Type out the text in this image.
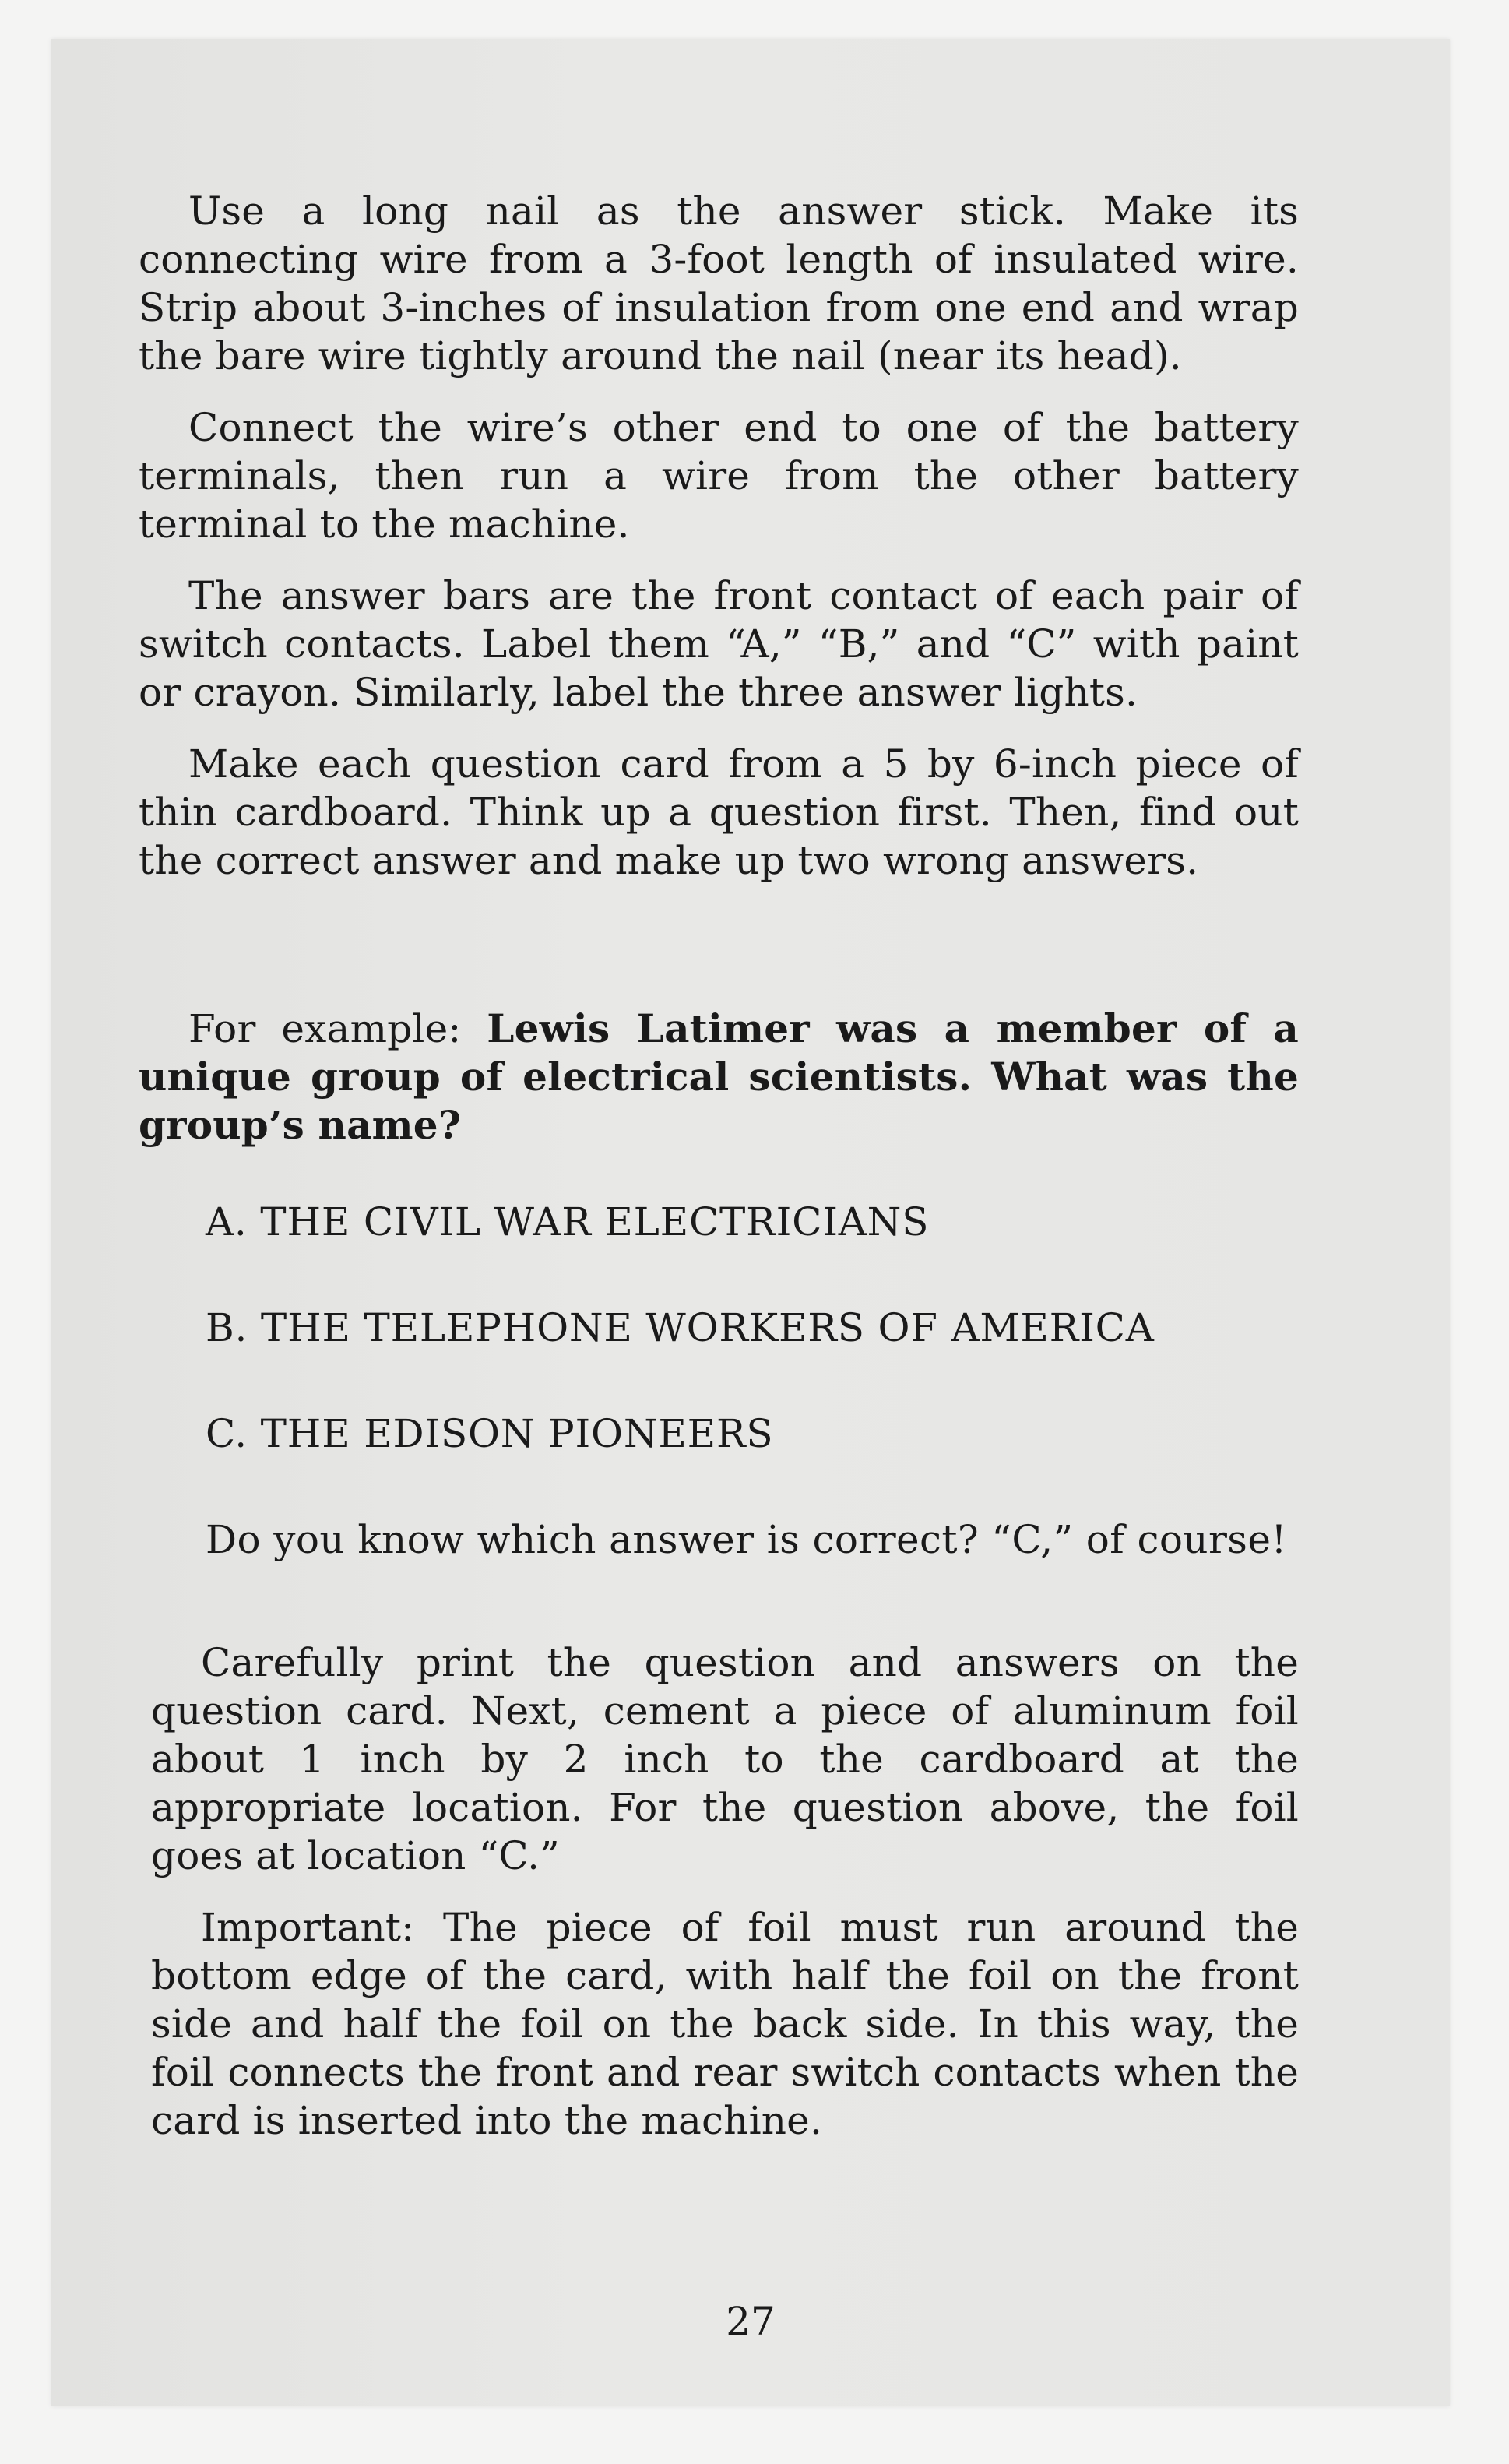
Use a long nail as the answer stick. Make its connecting wire from a 3-foot length of insulated wire. Strip about 3-inches of insulation from one end and wrap the bare wire tightly around the nail (near its head).

Connect the wire’s other end to one of the battery terminals, then run a wire from the other battery terminal to the machine.

The answer bars are the front contact of each pair of switch contacts. Label them “A,” “B,” and “C” with paint or crayon. Similarly, label the three answer lights.

Make each question card from a 5 by 6-inch piece of thin cardboard. Think up a question first. Then, find out the correct answer and make up two wrong answers.

For example: Lewis Latimer was a member of a unique group of electrical scientists. What was the group’s name?

A. THE CIVIL WAR ELECTRICIANS

B. THE TELEPHONE WORKERS OF AMERICA

C. THE EDISON PIONEERS

Do you know which answer is correct? “C,” of course!

Carefully print the question and answers on the question card. Next, cement a piece of aluminum foil about 1 inch by 2 inch to the cardboard at the appropriate location. For the question above, the foil goes at location “C.”

Important: The piece of foil must run around the bottom edge of the card, with half the foil on the front side and half the foil on the back side. In this way, the foil connects the front and rear switch contacts when the card is inserted into the machine.

27
